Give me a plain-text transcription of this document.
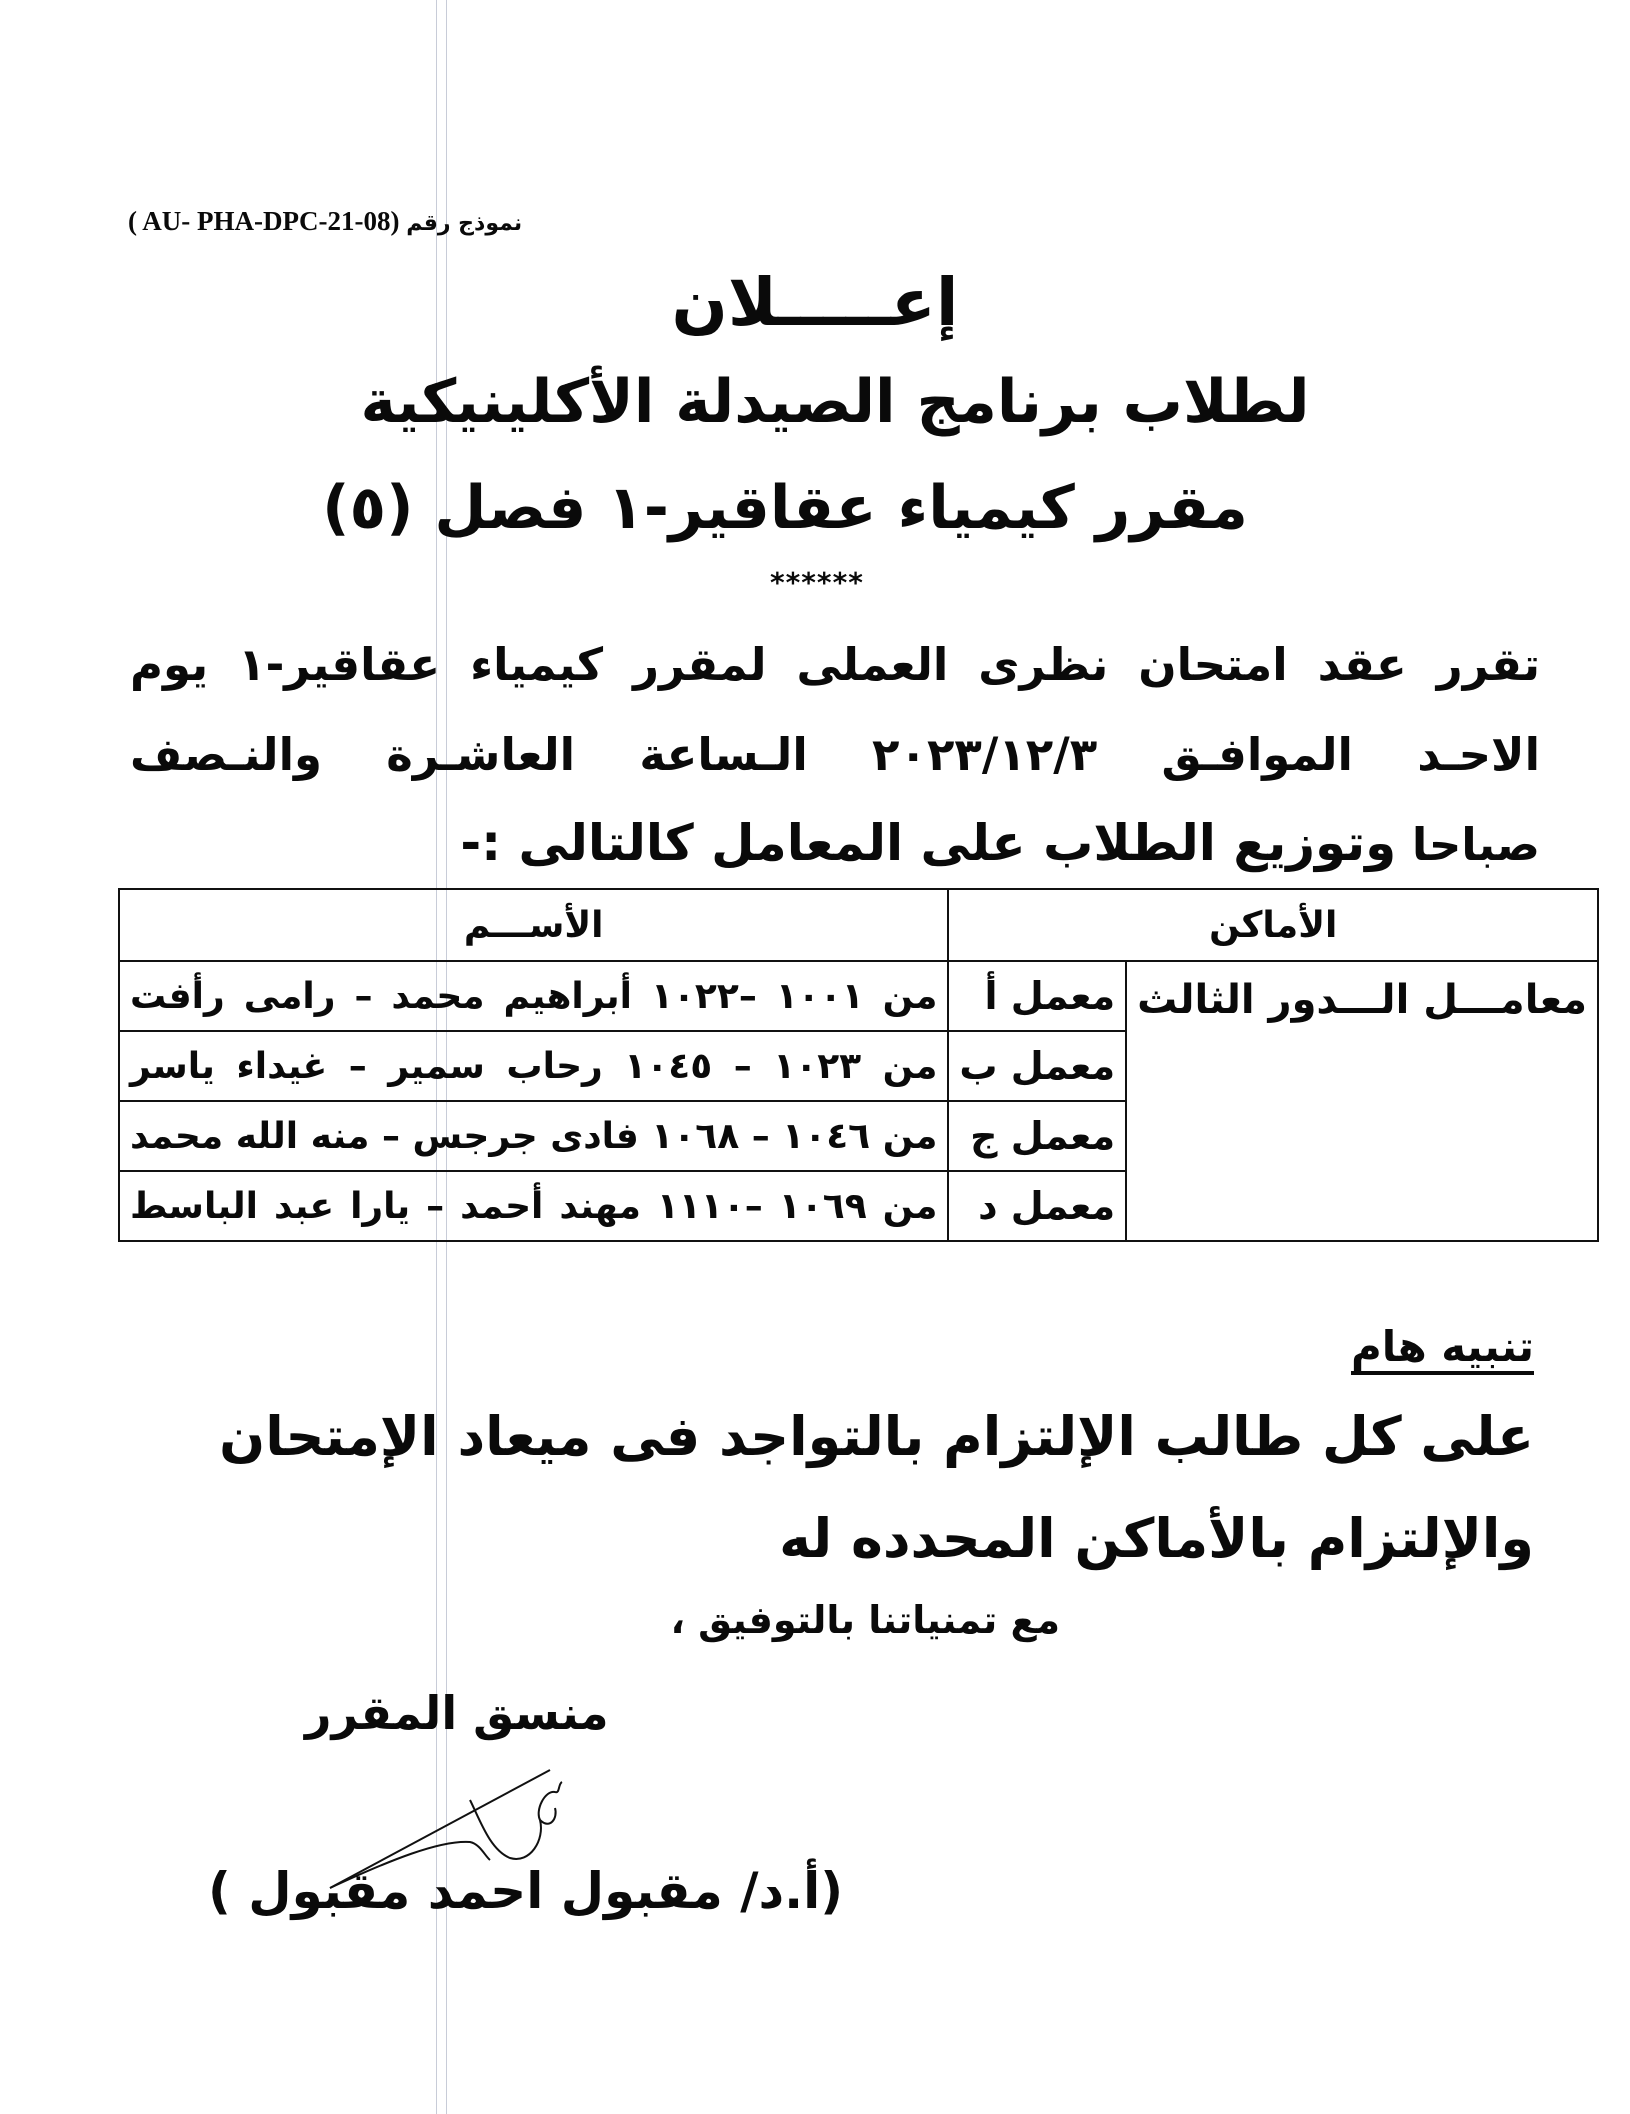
( AU- PHA-DPC-21-08) نموذج رقم
إعـــــلان
لطلاب برنامج الصيدلة الأكلينيكية
مقرر كيمياء عقاقير-١ فصل (٥)
******
تقرر عقد امتحان نظرى العملى لمقرر كيمياء عقاقير-١ يوم
الاحـد الموافـق ٢٠٢٣/١٢/٣ الـساعة العاشـرة والنـصف
صباحا وتوزيع الطلاب على المعامل كالتالى :-
الأماكن		الأســـم
معامـــل الـــدور الثالث	معمل أ	من ١٠٠١ –١٠٢٢ أبراهيم محمد – رامى رأفت
	معمل ب	من ١٠٢٣ – ١٠٤٥ رحاب سمير – غيداء ياسر
	معمل ج	من ١٠٤٦ – ١٠٦٨ فادى جرجس – منه الله محمد
	معمل د	من ١٠٦٩ –١١١٠ مهند أحمد – يارا عبد الباسط
تنبيه هام
على كل طالب الإلتزام بالتواجد فى ميعاد الإمتحان
والإلتزام بالأماكن المحدده له
مع تمنياتنا بالتوفيق ،
منسق المقرر
(أ.د/ مقبول احمد مقبول )
